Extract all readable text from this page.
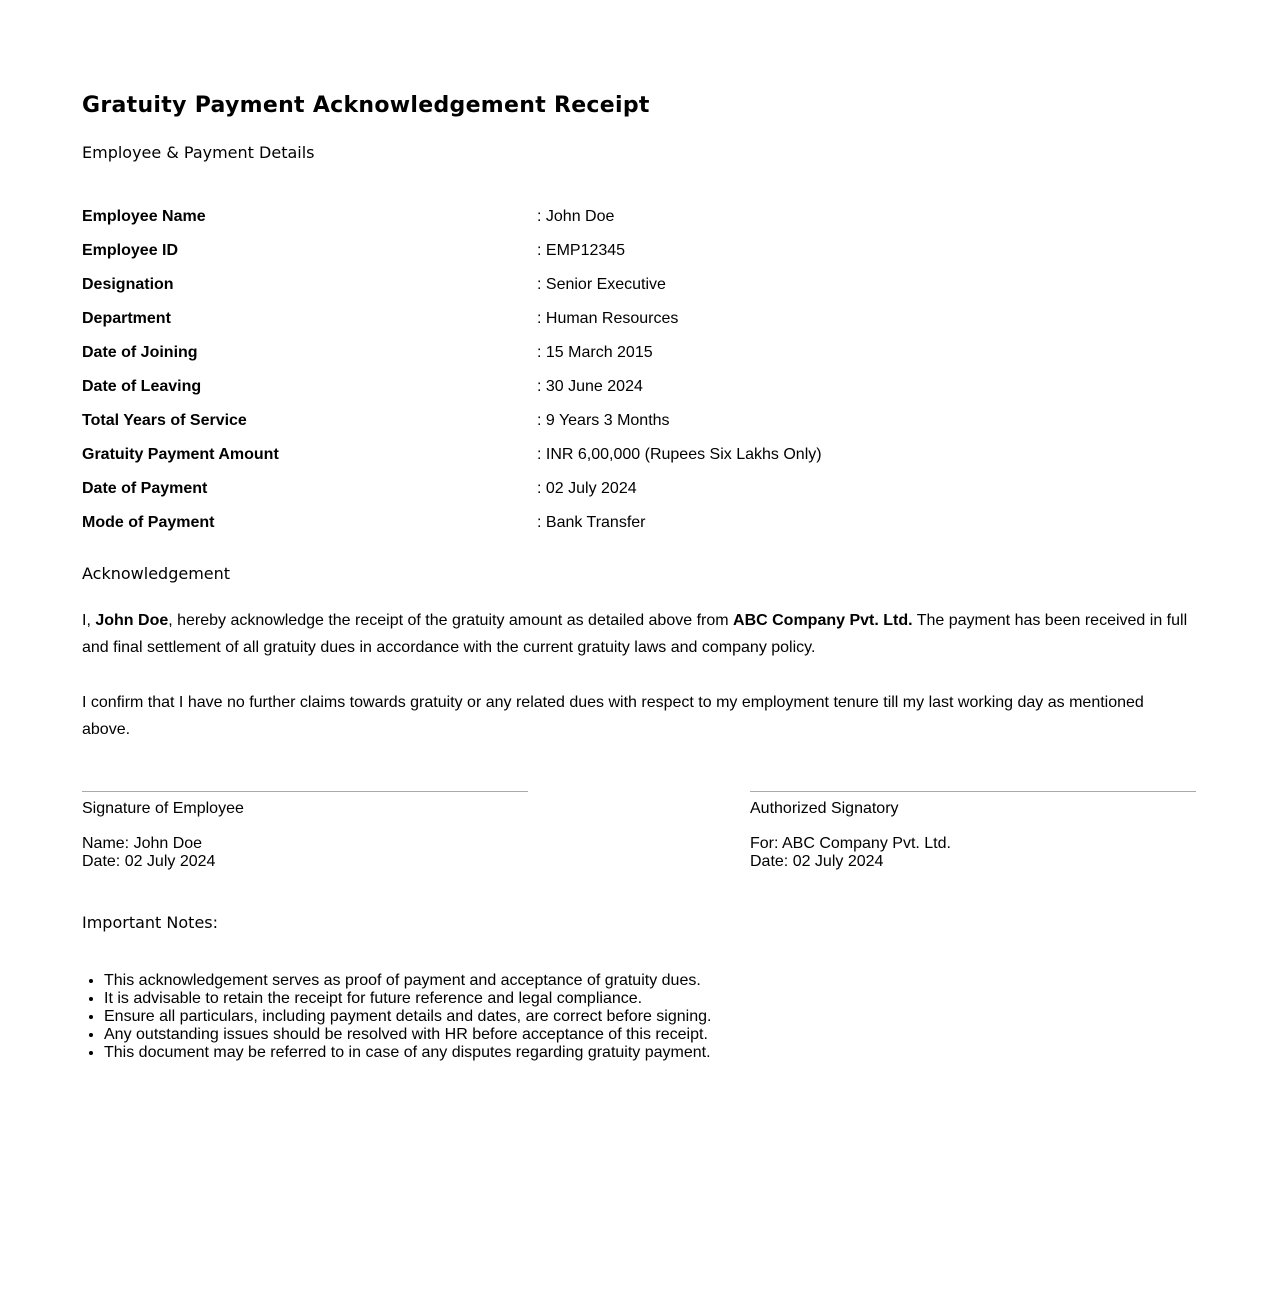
Gratuity Payment Acknowledgement Receipt
Employee & Payment Details
Employee Name	: John Doe
Employee ID	: EMP12345
Designation	: Senior Executive
Department	: Human Resources
Date of Joining	: 15 March 2015
Date of Leaving	: 30 June 2024
Total Years of Service	: 9 Years 3 Months
Gratuity Payment Amount	: INR 6,00,000 (Rupees Six Lakhs Only)
Date of Payment	: 02 July 2024
Mode of Payment	: Bank Transfer
Acknowledgement

I, John Doe, hereby acknowledge the receipt of the gratuity amount as detailed above from ABC Company Pvt. Ltd. The payment has been received in full and final settlement of all gratuity dues in accordance with the current gratuity laws and company policy.

I confirm that I have no further claims towards gratuity or any related dues with respect to my employment tenure till my last working day as mentioned above.

Signature of Employee
Name: John Doe
Date: 02 July 2024
Authorized Signatory
For: ABC Company Pvt. Ltd.
Date: 02 July 2024
Important Notes:
• This acknowledgement serves as proof of payment and acceptance of gratuity dues.
• It is advisable to retain the receipt for future reference and legal compliance.
• Ensure all particulars, including payment details and dates, are correct before signing.
• Any outstanding issues should be resolved with HR before acceptance of this receipt.
• This document may be referred to in case of any disputes regarding gratuity payment.
